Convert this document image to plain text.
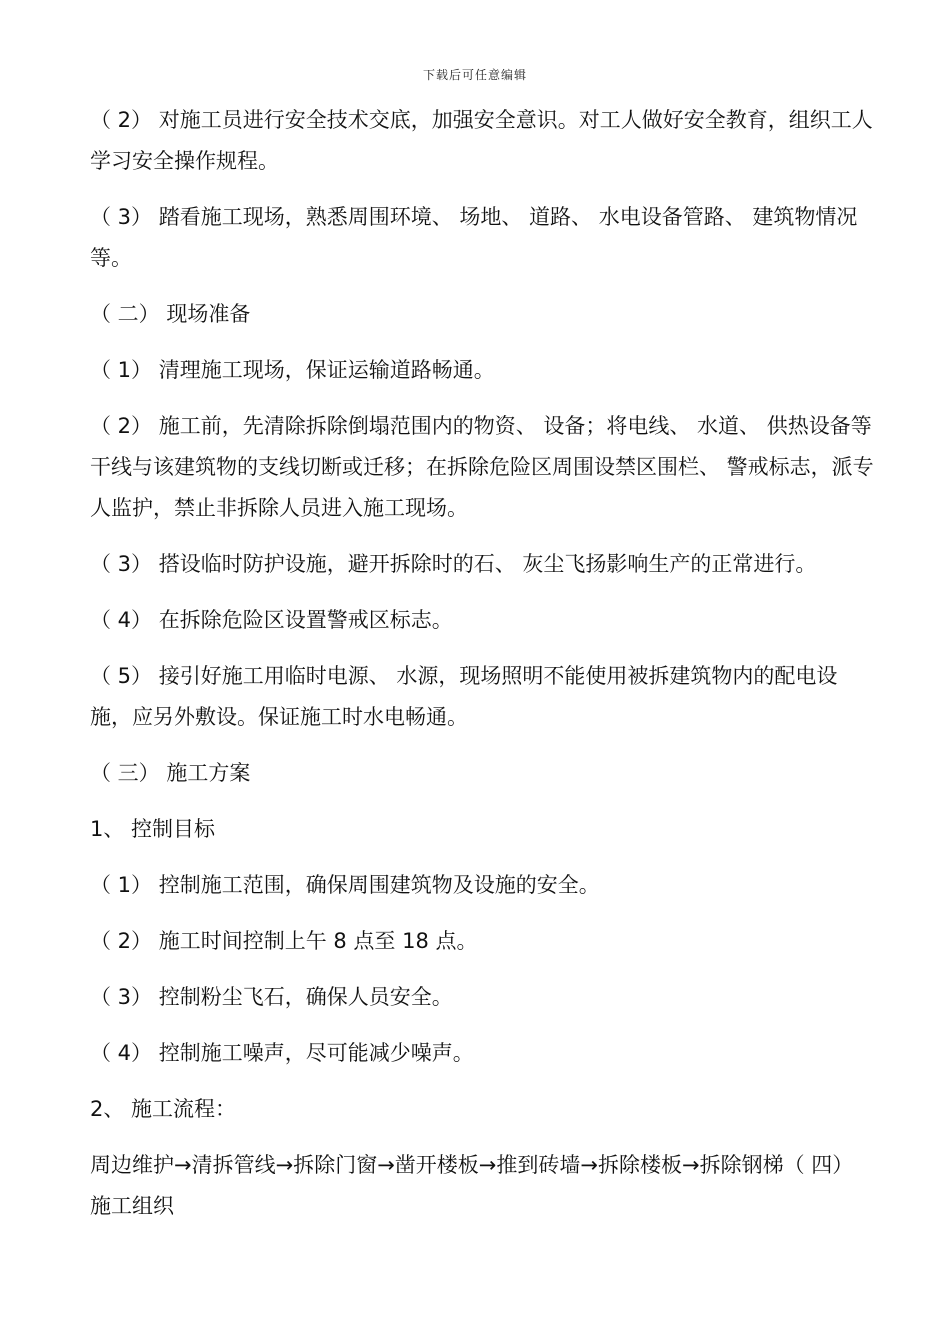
下载后可任意编辑

（ 2） 对施工员进行安全技术交底，加强安全意识。对工人做好安全教育，组织工人学习安全操作规程。

（ 3） 踏看施工现场，熟悉周围环境、 场地、 道路、 水电设备管路、 建筑物情况等。

（ 二） 现场准备

（ 1） 清理施工现场，保证运输道路畅通。

（ 2） 施工前，先清除拆除倒塌范围内的物资、 设备；将电线、 水道、 供热设备等干线与该建筑物的支线切断或迁移；在拆除危险区周围设禁区围栏、 警戒标志，派专人监护，禁止非拆除人员进入施工现场。

（ 3） 搭设临时防护设施，避开拆除时的石、 灰尘飞扬影响生产的正常进行。

（ 4） 在拆除危险区设置警戒区标志。

（ 5） 接引好施工用临时电源、 水源，现场照明不能使用被拆建筑物内的配电设施，应另外敷设。保证施工时水电畅通。

（ 三） 施工方案

1、 控制目标

（ 1） 控制施工范围，确保周围建筑物及设施的安全。

（ 2） 施工时间控制上午 8 点至 18 点。

（ 3） 控制粉尘飞石，确保人员安全。

（ 4） 控制施工噪声，尽可能减少噪声。

2、 施工流程：

周边维护→清拆管线→拆除门窗→凿开楼板→推到砖墙→拆除楼板→拆除钢梯（ 四） 施工组织
